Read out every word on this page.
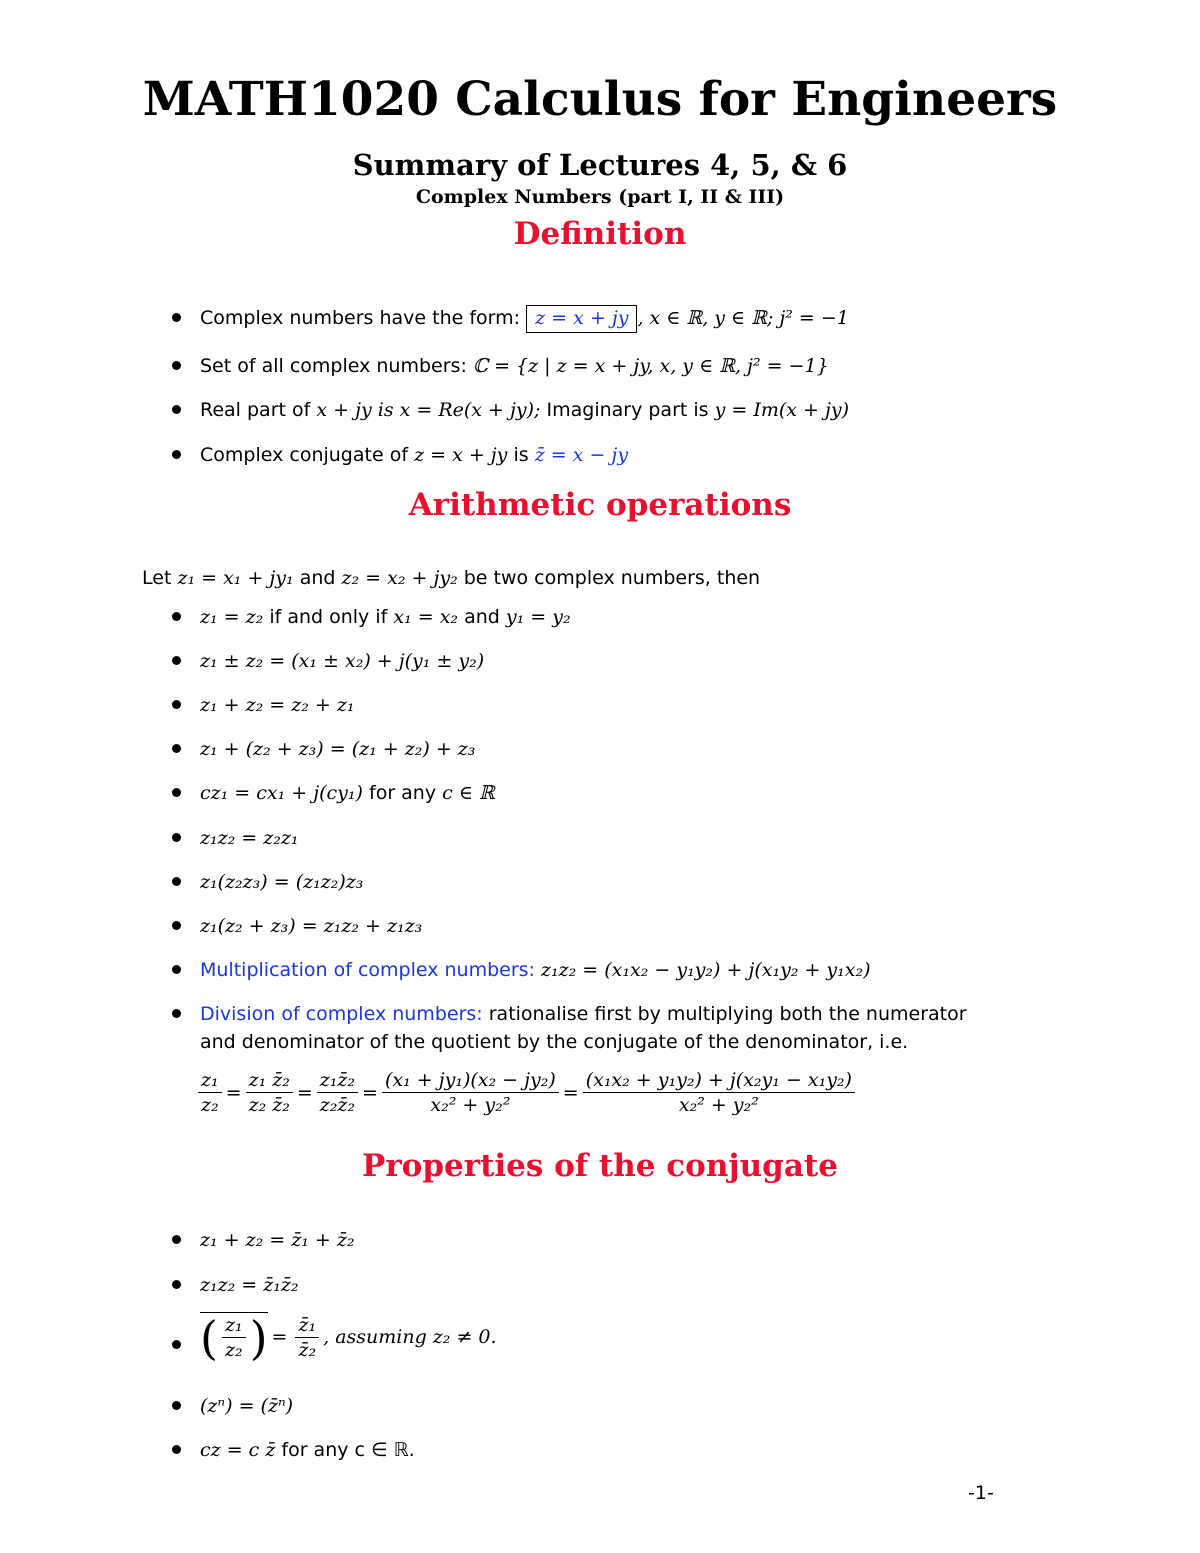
MATH1020 Calculus for Engineers
Summary of Lectures 4, 5, & 6
Complex Numbers (part I, II & III)
Definition
Complex numbers have the form: z = x + jy , x ∈ ℝ, y ∈ ℝ; j² = −1
Set of all complex numbers: ℂ = {z | z = x + jy, x, y ∈ ℝ, j² = −1}
Real part of x + jy is x = Re(x + jy); Imaginary part is y = Im(x + jy)
Complex conjugate of z = x + jy is z̄ = x − jy
Arithmetic operations
Let z₁ = x₁ + jy₁ and z₂ = x₂ + jy₂ be two complex numbers, then
z₁ = z₂ if and only if x₁ = x₂ and y₁ = y₂
z₁ ± z₂ = (x₁ ± x₂) + j(y₁ ± y₂)
z₁ + z₂ = z₂ + z₁
z₁ + (z₂ + z₃) = (z₁ + z₂) + z₃
cz₁ = cx₁ + j(cy₁) for any c ∈ ℝ
z₁z₂ = z₂z₁
z₁(z₂z₃) = (z₁z₂)z₃
z₁(z₂ + z₃) = z₁z₂ + z₁z₃
Multiplication of complex numbers: z₁z₂ = (x₁x₂ − y₁y₂) + j(x₁y₂ + y₁x₂)
Division of complex numbers: rationalise first by multiplying both the numerator
and denominator of the quotient by the conjugate of the denominator, i.e.
$\frac{\text{z₁}}{\text{z₂}} = \frac{\text{z₁ z̄₂}}{\text{z₂ z̄₂}} = \frac{\text{z₁z̄₂}}{\text{z₂z̄₂}} = \frac{\text{(x₁ + jy₁)(x₂ − jy₂)}}{\text{x₂² + y₂²}} = \frac{\text{(x₁x₂ + y₁y₂) + j(x₂y₁ − x₁y₂)}}{\text{x₂² + y₂²}}$
Properties of the conjugate
z₁ + z₂ = z̄₁ + z̄₂
z₁z₂ = z̄₁z̄₂
( $\frac{\text{z₁}}{\text{z₂}}$ ) = $\frac{\text{z̄₁}}{\text{z̄₂}}$ , assuming z₂ ≠ 0.
(zⁿ) = (z̄ⁿ)
cz = c z̄ for any c ∈ ℝ.
-1-
